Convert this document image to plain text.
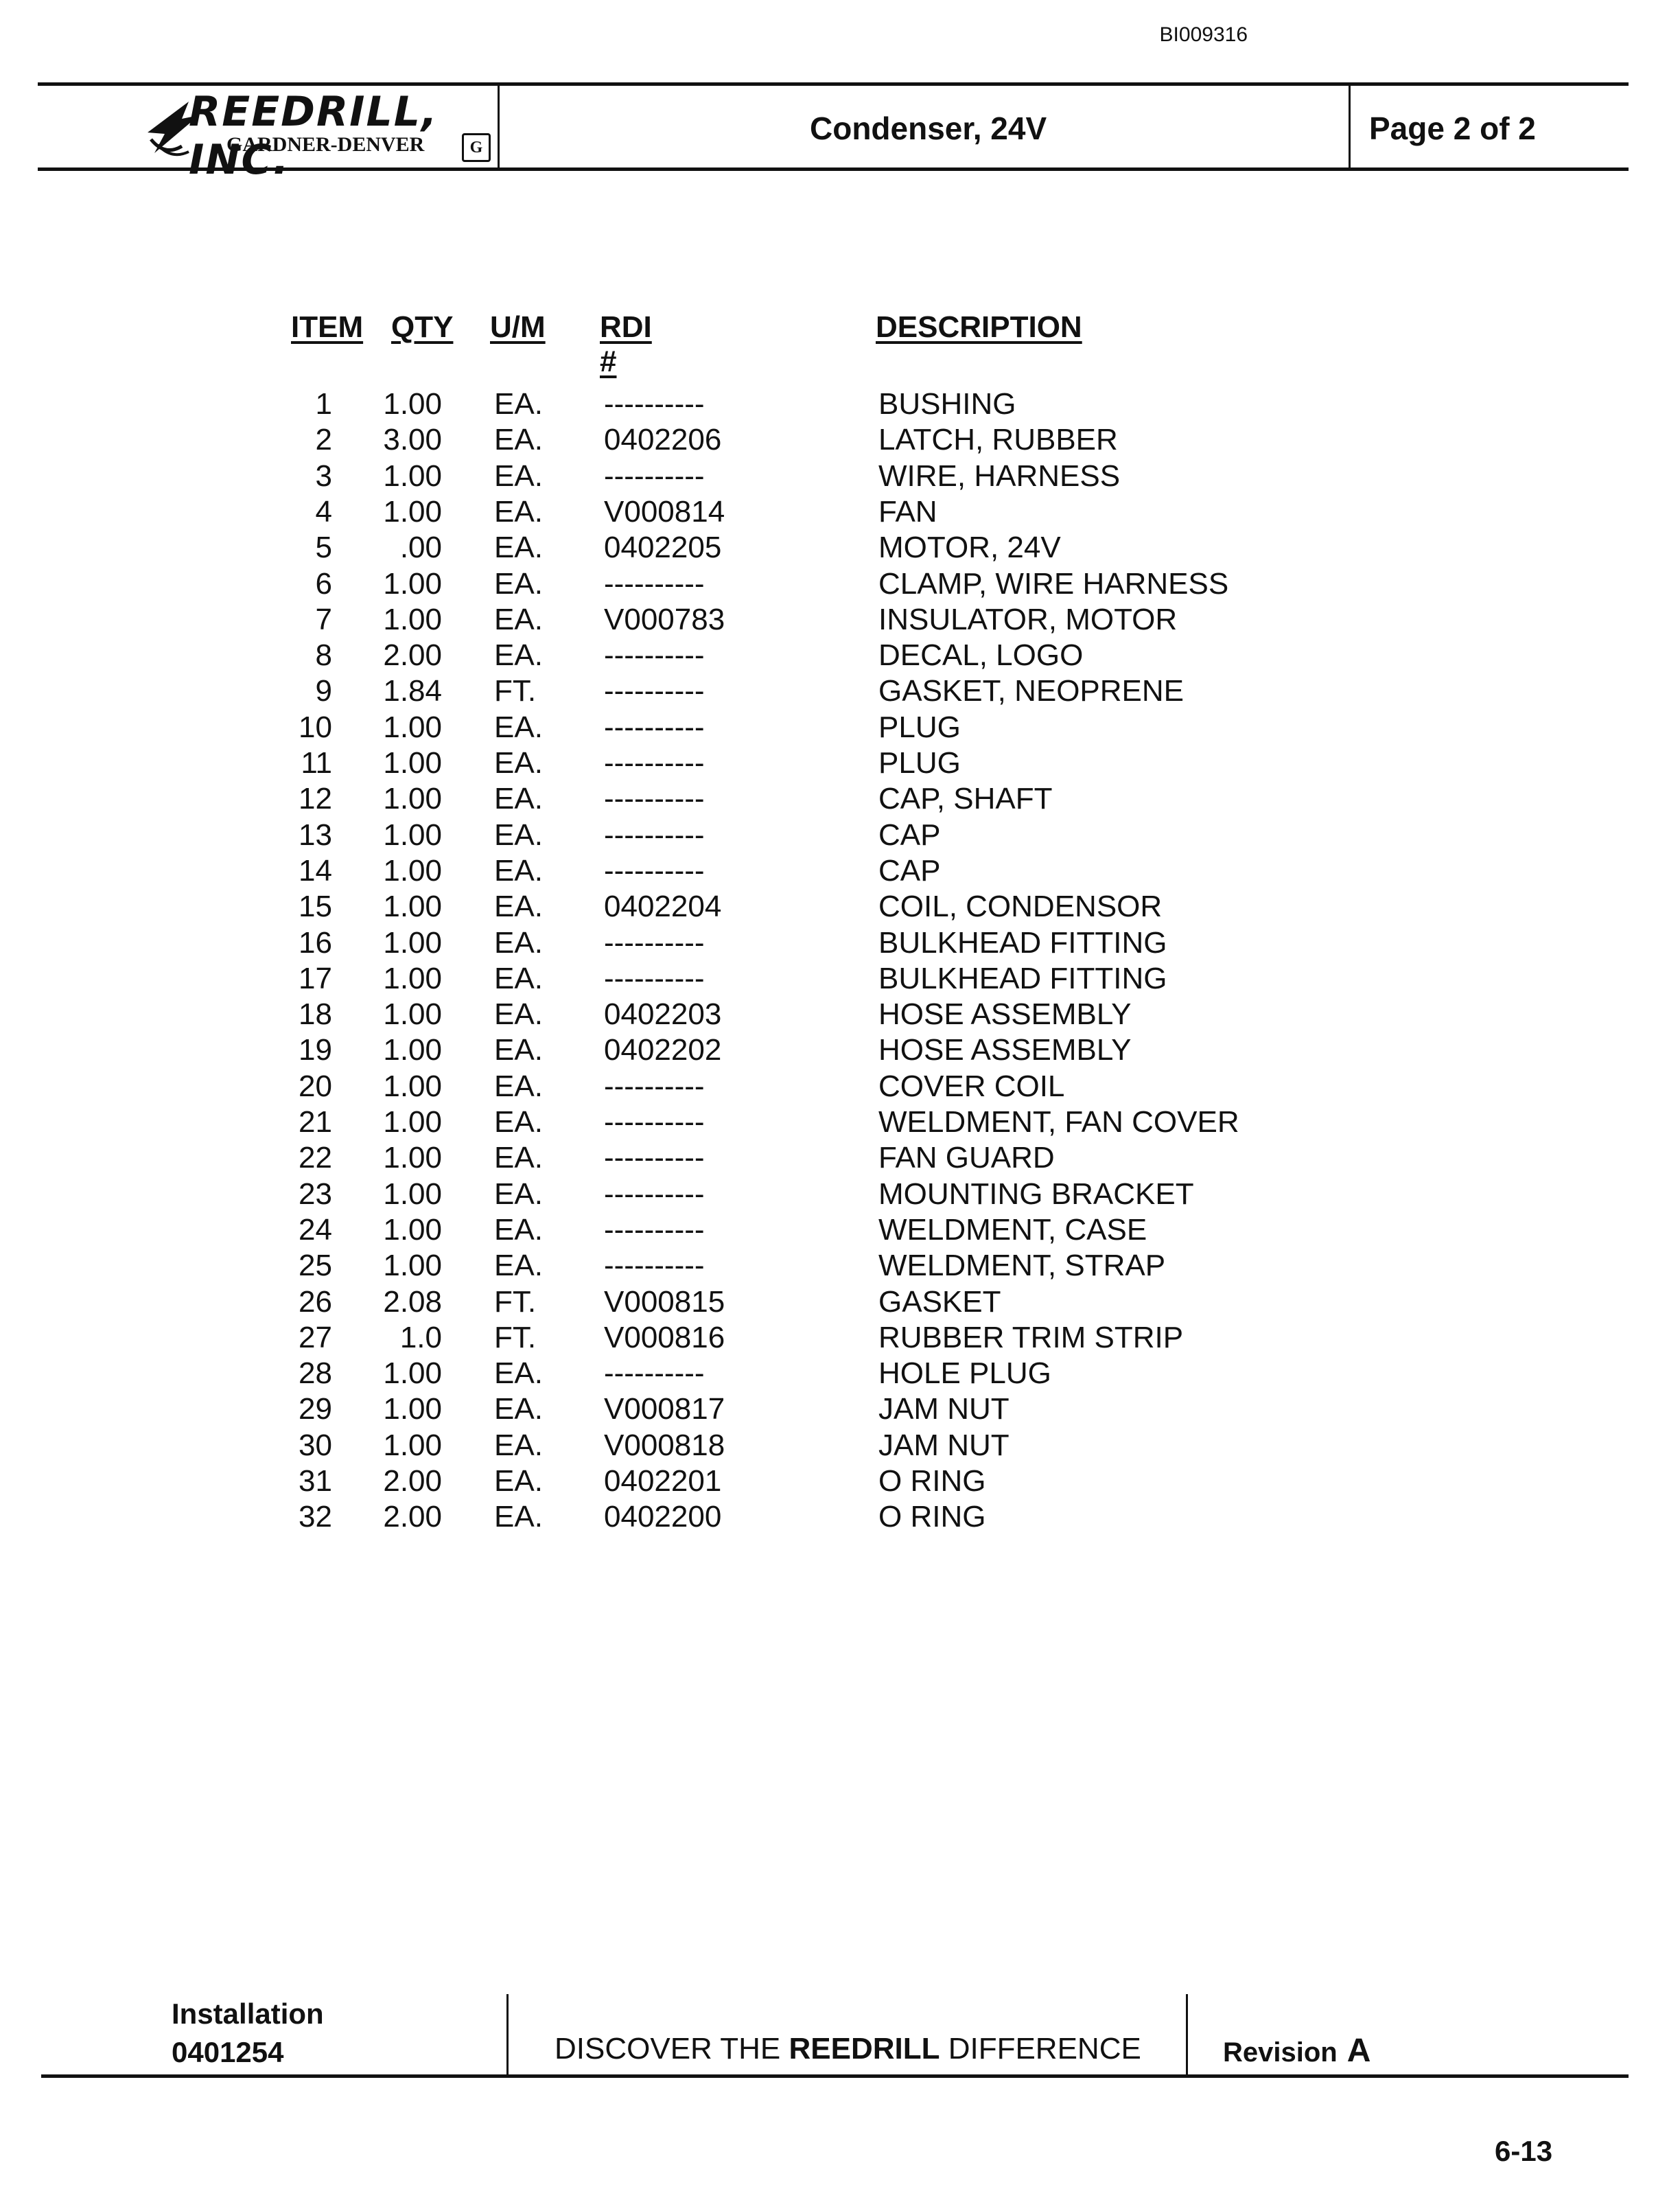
BI009316
REEDRILL, INC.
GARDNER-DENVER	G
Condenser, 24V	Page 2 of 2
ITEM QTY U/M RDI #
DESCRIPTION
1	1.00 EA. ----------	BUSHING
2	3.00 EA. 0402206	LATCH, RUBBER
3	1.00 EA. ----------	WIRE, HARNESS
4	1.00 EA. V000814	FAN
5	.00 EA. 0402205	MOTOR, 24V
6	1.00 EA. ----------	CLAMP, WIRE HARNESS
7	1.00 EA. V000783	INSULATOR, MOTOR
8	2.00 EA. ----------	DECAL, LOGO
9	1.84 FT. ----------	GASKET, NEOPRENE
10	1.00 EA. ----------	PLUG
11	1.00 EA. ----------	PLUG
12	1.00 EA. ----------	CAP, SHAFT
13	1.00 EA. ----------	CAP
14	1.00 EA. ----------	CAP
15	1.00 EA. 0402204	COIL, CONDENSOR
16	1.00 EA. ----------	BULKHEAD FITTING
17	1.00 EA. ----------	BULKHEAD FITTING
18	1.00 EA. 0402203	HOSE ASSEMBLY
19	1.00 EA. 0402202	HOSE ASSEMBLY
20	1.00 EA. ----------	COVER COIL
21	1.00 EA. ----------	WELDMENT, FAN COVER
22	1.00 EA. ----------	FAN GUARD
23	1.00 EA. ----------	MOUNTING BRACKET
24	1.00 EA. ----------	WELDMENT, CASE
25	1.00 EA. ----------	WELDMENT, STRAP
26	2.08 FT. V000815	GASKET
27	1.0 FT. V000816	RUBBER TRIM STRIP
28	1.00 EA. ----------	HOLE PLUG
29	1.00 EA. V000817	JAM NUT
30	1.00 EA. V000818	JAM NUT
31	2.00 EA. 0402201	O RING
32	2.00 EA. 0402200	O RING
Installation
0401254	DISCOVER THE REEDRILL DIFFERENCE	Revision A
6-13
